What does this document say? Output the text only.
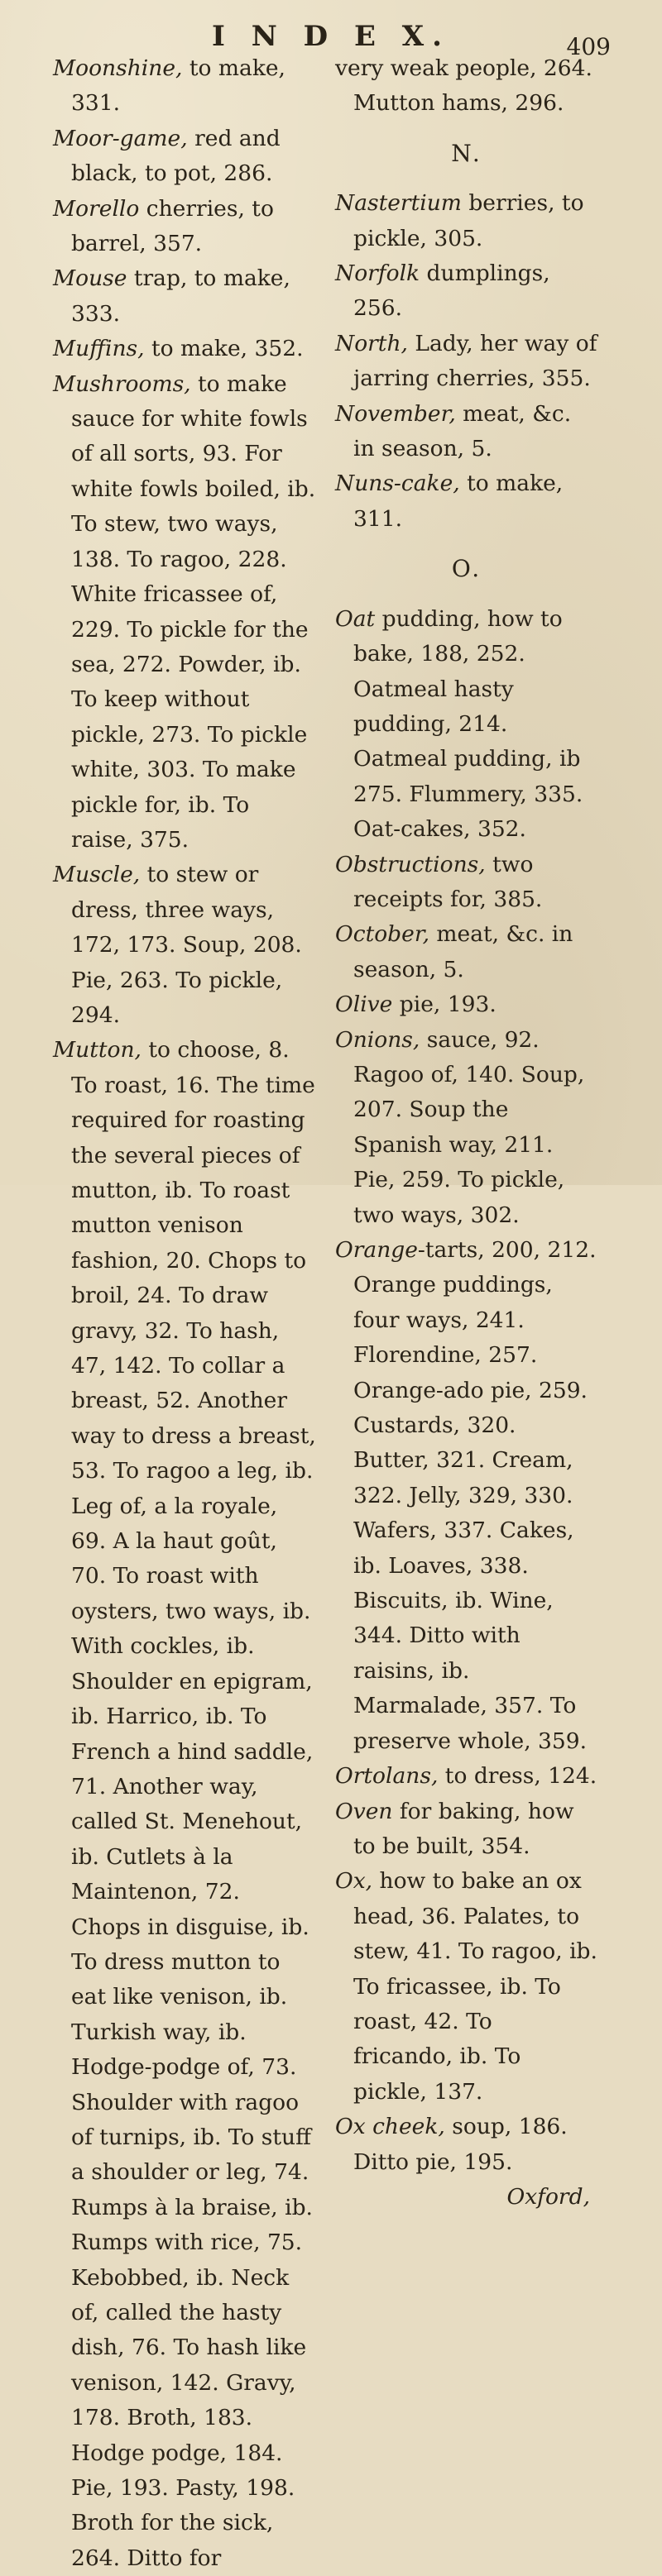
I N D E X.	409

Moonshine, to make, 331.

Moor-game, red and black, to pot, 286.

Morello cherries, to barrel, 357.

Mouse trap, to make, 333.

Muffins, to make, 352.

Mushrooms, to make sauce for white fowls of all sorts, 93. For white fowls boiled, ib. To stew, two ways, 138. To ragoo, 228. White fricassee of, 229. To pickle for the sea, 272. Powder, ib. To keep without pickle, 273. To pickle white, 303. To make pickle for, ib. To raise, 375.

Muscle, to stew or dress, three ways, 172, 173. Soup, 208. Pie, 263. To pickle, 294.

Mutton, to choose, 8. To roast, 16. The time required for roasting the several pieces of mutton, ib. To roast mutton venison fashion, 20. Chops to broil, 24. To draw gravy, 32. To hash, 47, 142. To collar a breast, 52. Another way to dress a breast, 53. To ragoo a leg, ib. Leg of, a la royale, 69. A la haut goût, 70. To roast with oysters, two ways, ib. With cockles, ib. Shoulder en epigram, ib. Harrico, ib. To French a hind saddle, 71. Another way, called St. Menehout, ib. Cutlets à la Maintenon, 72. Chops in disguise, ib. To dress mutton to eat like venison, ib. Turkish way, ib. Hodge-podge of, 73. Shoulder with ragoo of turnips, ib. To stuff a shoulder or leg, 74. Rumps à la braise, ib. Rumps with rice, 75. Kebobbed, ib. Neck of, called the hasty dish, 76. To hash like venison, 142. Gravy, 178. Broth, 183. Hodge podge, 184. Pie, 193. Pasty, 198. Broth for the sick, 264. Ditto for

very weak people, 264. Mutton hams, 296.

N.

Nastertium berries, to pickle, 305.

Norfolk dumplings, 256.

North, Lady, her way of jarring cherries, 355.

November, meat, &c. in season, 5.

Nuns-cake, to make, 311.

O.

Oat pudding, how to bake, 188, 252. Oatmeal hasty pudding, 214. Oatmeal pudding, ib 275. Flummery, 335. Oat-cakes, 352.

Obstructions, two receipts for, 385.

October, meat, &c. in season, 5.

Olive pie, 193.

Onions, sauce, 92. Ragoo of, 140. Soup, 207. Soup the Spanish way, 211. Pie, 259. To pickle, two ways, 302.

Orange-tarts, 200, 212. Orange puddings, four ways, 241. Florendine, 257. Orange-ado pie, 259. Custards, 320. Butter, 321. Cream, 322. Jelly, 329, 330. Wafers, 337. Cakes, ib. Loaves, 338. Biscuits, ib. Wine, 344. Ditto with raisins, ib. Marmalade, 357. To preserve whole, 359.

Ortolans, to dress, 124.

Oven for baking, how to be built, 354.

Ox, how to bake an ox head, 36. Palates, to stew, 41. To ragoo, ib. To fricassee, ib. To roast, 42. To fricando, ib. To pickle, 137.

Ox cheek, soup, 186. Ditto pie, 195.

Oxford,
